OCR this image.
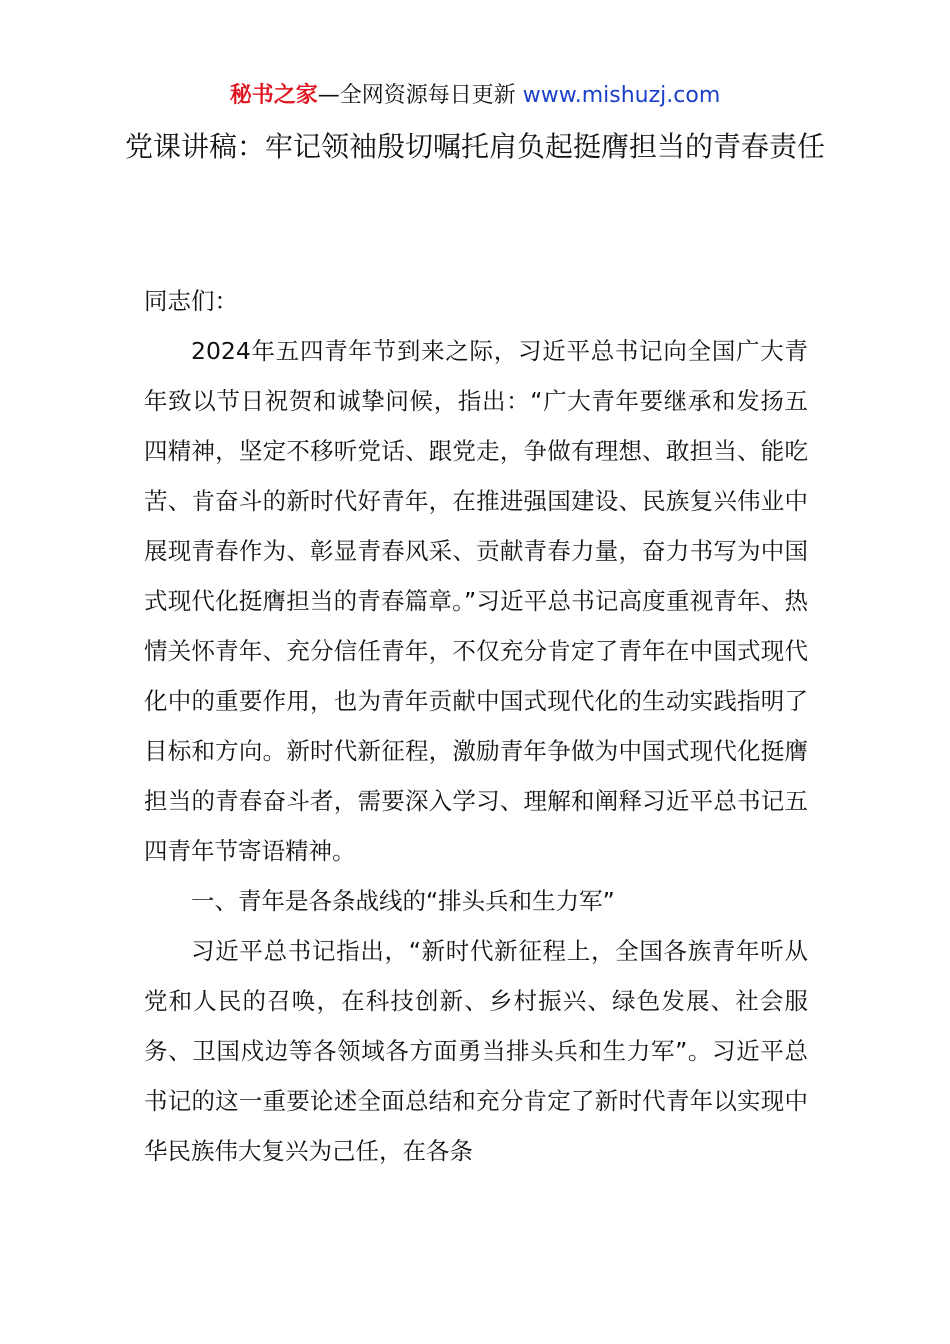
秘书之家—全网资源每日更新 www.mishuzj.com
党课讲稿：牢记领袖殷切嘱托肩负起挺膺担当的青春责任

同志们：

2024年五四青年节到来之际，习近平总书记向全国广大青年致以节日祝贺和诚挚问候，指出：“广大青年要继承和发扬五四精神，坚定不移听党话、跟党走，争做有理想、敢担当、能吃苦、肯奋斗的新时代好青年，在推进强国建设、民族复兴伟业中展现青春作为、彰显青春风采、贡献青春力量，奋力书写为中国式现代化挺膺担当的青春篇章。”习近平总书记高度重视青年、热情关怀青年、充分信任青年，不仅充分肯定了青年在中国式现代化中的重要作用，也为青年贡献中国式现代化的生动实践指明了目标和方向。新时代新征程，激励青年争做为中国式现代化挺膺担当的青春奋斗者，需要深入学习、理解和阐释习近平总书记五四青年节寄语精神。

一、青年是各条战线的“排头兵和生力军”

习近平总书记指出，“新时代新征程上，全国各族青年听从党和人民的召唤，在科技创新、乡村振兴、绿色发展、社会服务、卫国戍边等各领域各方面勇当排头兵和生力军”。习近平总书记的这一重要论述全面总结和充分肯定了新时代青年以实现中华民族伟大复兴为己任，在各条
